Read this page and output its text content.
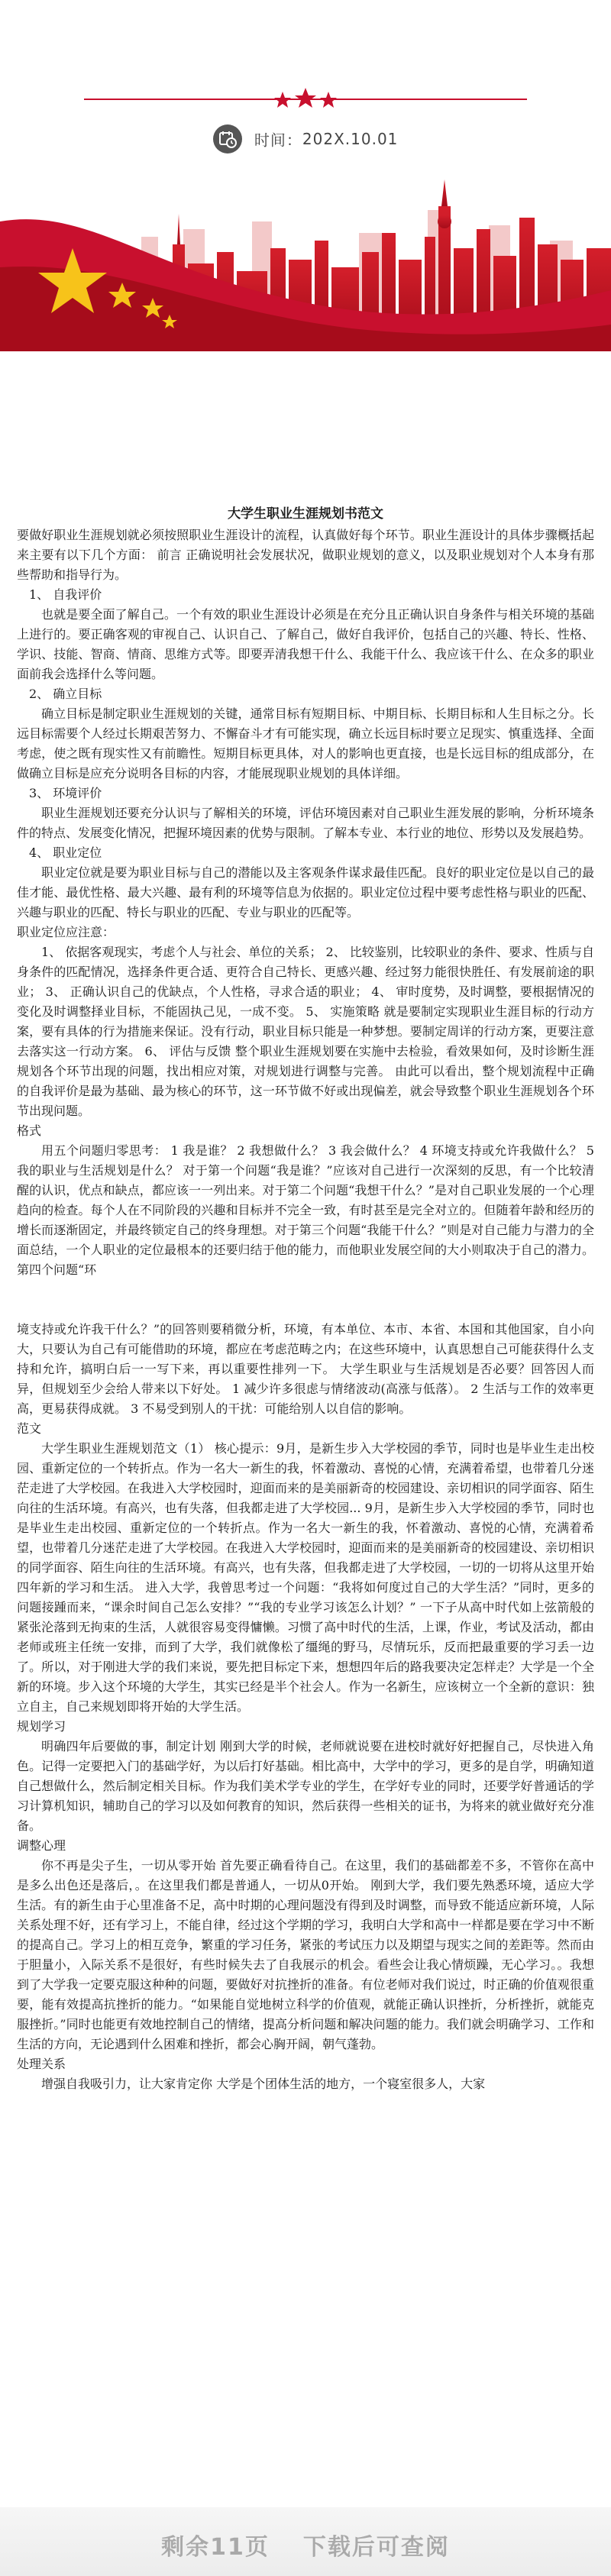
时间：202X.10.01
大学生职业生涯规划书范文

要做好职业生涯规划就必须按照职业生涯设计的流程，认真做好每个环节。职业生涯设计的具体步骤概括起来主要有以下几个方面： 前言 正确说明社会发展状况，做职业规划的意义，以及职业规划对个人本身有那些帮助和指导行为。

1、 自我评价

也就是要全面了解自己。一个有效的职业生涯设计必须是在充分且正确认识自身条件与相关环境的基础上进行的。要正确客观的审视自己、认识自己、了解自己，做好自我评价，包括自己的兴趣、特长、性格、学识、技能、智商、情商、思维方式等。即要弄清我想干什么、我能干什么、我应该干什么、在众多的职业面前我会选择什么等问题。

2、 确立目标

确立目标是制定职业生涯规划的关键，通常目标有短期目标、中期目标、长期目标和人生目标之分。长远目标需要个人经过长期艰苦努力、不懈奋斗才有可能实现，确立长远目标时要立足现实、慎重选择、全面考虑，使之既有现实性又有前瞻性。短期目标更具体，对人的影响也更直接，也是长远目标的组成部分，在做确立目标是应充分说明各目标的内容，才能展现职业规划的具体详细。

3、 环境评价

职业生涯规划还要充分认识与了解相关的环境，评估环境因素对自己职业生涯发展的影响，分析环境条件的特点、发展变化情况，把握环境因素的优势与限制。了解本专业、本行业的地位、形势以及发展趋势。

4、 职业定位

职业定位就是要为职业目标与自己的潜能以及主客观条件谋求最佳匹配。良好的职业定位是以自己的最佳才能、最优性格、最大兴趣、最有利的环境等信息为依据的。职业定位过程中要考虑性格与职业的匹配、兴趣与职业的匹配、特长与职业的匹配、专业与职业的匹配等。

职业定位应注意：

1、 依据客观现实，考虑个人与社会、单位的关系； 2、 比较鉴别，比较职业的条件、要求、性质与自身条件的匹配情况，选择条件更合适、更符合自己特长、更感兴趣、经过努力能很快胜任、有发展前途的职业； 3、 正确认识自己的优缺点，个人性格，寻求合适的职业； 4、 审时度势，及时调整，要根据情况的变化及时调整择业目标，不能固执己见，一成不变。 5、 实施策略 就是要制定实现职业生涯目标的行动方案，要有具体的行为措施来保证。没有行动，职业目标只能是一种梦想。要制定周详的行动方案，更要注意去落实这一行动方案。 6、 评估与反馈 整个职业生涯规划要在实施中去检验，看效果如何，及时诊断生涯规划各个环节出现的问题，找出相应对策，对规划进行调整与完善。 由此可以看出，整个规划流程中正确的自我评价是最为基础、最为核心的环节，这一环节做不好或出现偏差，就会导致整个职业生涯规划各个环节出现问题。

格式

用五个问题归零思考： 1 我是谁？ 2 我想做什么？ 3 我会做什么？ 4 环境支持或允许我做什么？ 5 我的职业与生活规划是什么？ 对于第一个问题“我是谁？”应该对自己进行一次深刻的反思，有一个比较清醒的认识，优点和缺点，都应该一一列出来。对于第二个问题“我想干什么？”是对自己职业发展的一个心理趋向的检查。每个人在不同阶段的兴趣和目标并不完全一致，有时甚至是完全对立的。但随着年龄和经历的增长而逐渐固定，并最终锁定自己的终身理想。对于第三个问题“我能干什么？”则是对自己能力与潜力的全面总结，一个人职业的定位最根本的还要归结于他的能力，而他职业发展空间的大小则取决于自己的潜力。 第四个问题“环

境支持或允许我干什么？”的回答则要稍微分析，环境，有本单位、本市、本省、本国和其他国家，自小向大，只要认为自己有可能借助的环境，都应在考虑范畴之内；在这些环境中，认真思想自己可能获得什么支持和允许，搞明白后一一写下来，再以重要性排列一下。 大学生职业与生活规划是否必要？回答因人而异，但规划至少会给人带来以下好处。 1 减少许多很虑与情绪波动(高涨与低落）。 2 生活与工作的效率更高，更易获得成就。 3 不易受到别人的干扰：可能给别人以自信的影响。

范文

大学生职业生涯规划范文（1） 核心提示：9月，是新生步入大学校园的季节，同时也是毕业生走出校园、重新定位的一个转折点。作为一名大一新生的我，怀着激动、喜悦的心情，充满着希望，也带着几分迷茫走进了大学校园。在我进入大学校园时，迎面而来的是美丽新奇的校园建设、亲切相识的同学面容、陌生向往的生活环境。有高兴，也有失落，但我都走进了大学校园... 9月，是新生步入大学校园的季节，同时也是毕业生走出校园、重新定位的一个转折点。作为一名大一新生的我，怀着激动、喜悦的心情，充满着希望，也带着几分迷茫走进了大学校园。在我进入大学校园时，迎面而来的是美丽新奇的校园建设、亲切相识的同学面容、陌生向往的生活环境。有高兴，也有失落，但我都走进了大学校园，一切的一切将从这里开始四年新的学习和生活。 进入大学，我曾思考过一个问题：“我将如何度过自己的大学生活？”同时，更多的问题接踵而来，“课余时间自己怎么安排？”“我的专业学习该怎么计划？” 一下子从高中时代如上弦箭般的紧张沦落到无拘束的生活，人就很容易变得慵懒。习惯了高中时代的生活，上课，作业，考试及活动，都由老师或班主任统一安排，而到了大学，我们就像松了缰绳的野马，尽情玩乐，反而把最重要的学习丢一边了。所以，对于刚进大学的我们来说，要先把目标定下来，想想四年后的路我要决定怎样走？大学是一个全新的环境。步入这个环境的大学生，其实已经是半个社会人。作为一名新生，应该树立一个全新的意识：独立自主，自己来规划即将开始的大学生活。

规划学习

明确四年后要做的事，制定计划 刚到大学的时候，老师就说要在进校时就好好把握自己，尽快进入角色。记得一定要把入门的基础学好，为以后打好基础。相比高中，大学中的学习，更多的是自学，明确知道自己想做什么，然后制定相关目标。作为我们美术学专业的学生，在学好专业的同时，还要学好普通话的学习计算机知识，辅助自己的学习以及如何教育的知识，然后获得一些相关的证书，为将来的就业做好充分准备。

调整心理

你不再是尖子生，一切从零开始 首先要正确看待自己。在这里，我们的基础都差不多，不管你在高中是多么出色还是落后，。在这里我们都是普通人，一切从0开始。 刚到大学，我们要先熟悉环境，适应大学生活。有的新生由于心里准备不足，高中时期的心理问题没有得到及时调整，而导致不能适应新环境，人际关系处理不好，还有学习上，不能自律，经过这个学期的学习，我明白大学和高中一样都是要在学习中不断的提高自己。学习上的相互竞争，繁重的学习任务，紧张的考试压力以及期望与现实之间的差距等。然而由于胆量小，入际关系不是很好，有些时候失去了自我展示的机会。看些会让我心情烦躁，无心学习。。我想到了大学我一定要克服这种种的问题，要做好对抗挫折的准备。有位老师对我们说过，时正确的价值观很重要，能有效提高抗挫折的能力。“如果能自觉地树立科学的价值观，就能正确认识挫折，分析挫折，就能克服挫折。”同时也能更有效地控制自己的情绪，提高分析问题和解决问题的能力。我们就会明确学习、工作和生活的方向，无论遇到什么困难和挫折，都会心胸开阔，朝气蓬勃。

处理关系

增强自我吸引力，让大家肯定你 大学是个团体生活的地方，一个寝室很多人，大家

剩余11页 下载后可查阅
